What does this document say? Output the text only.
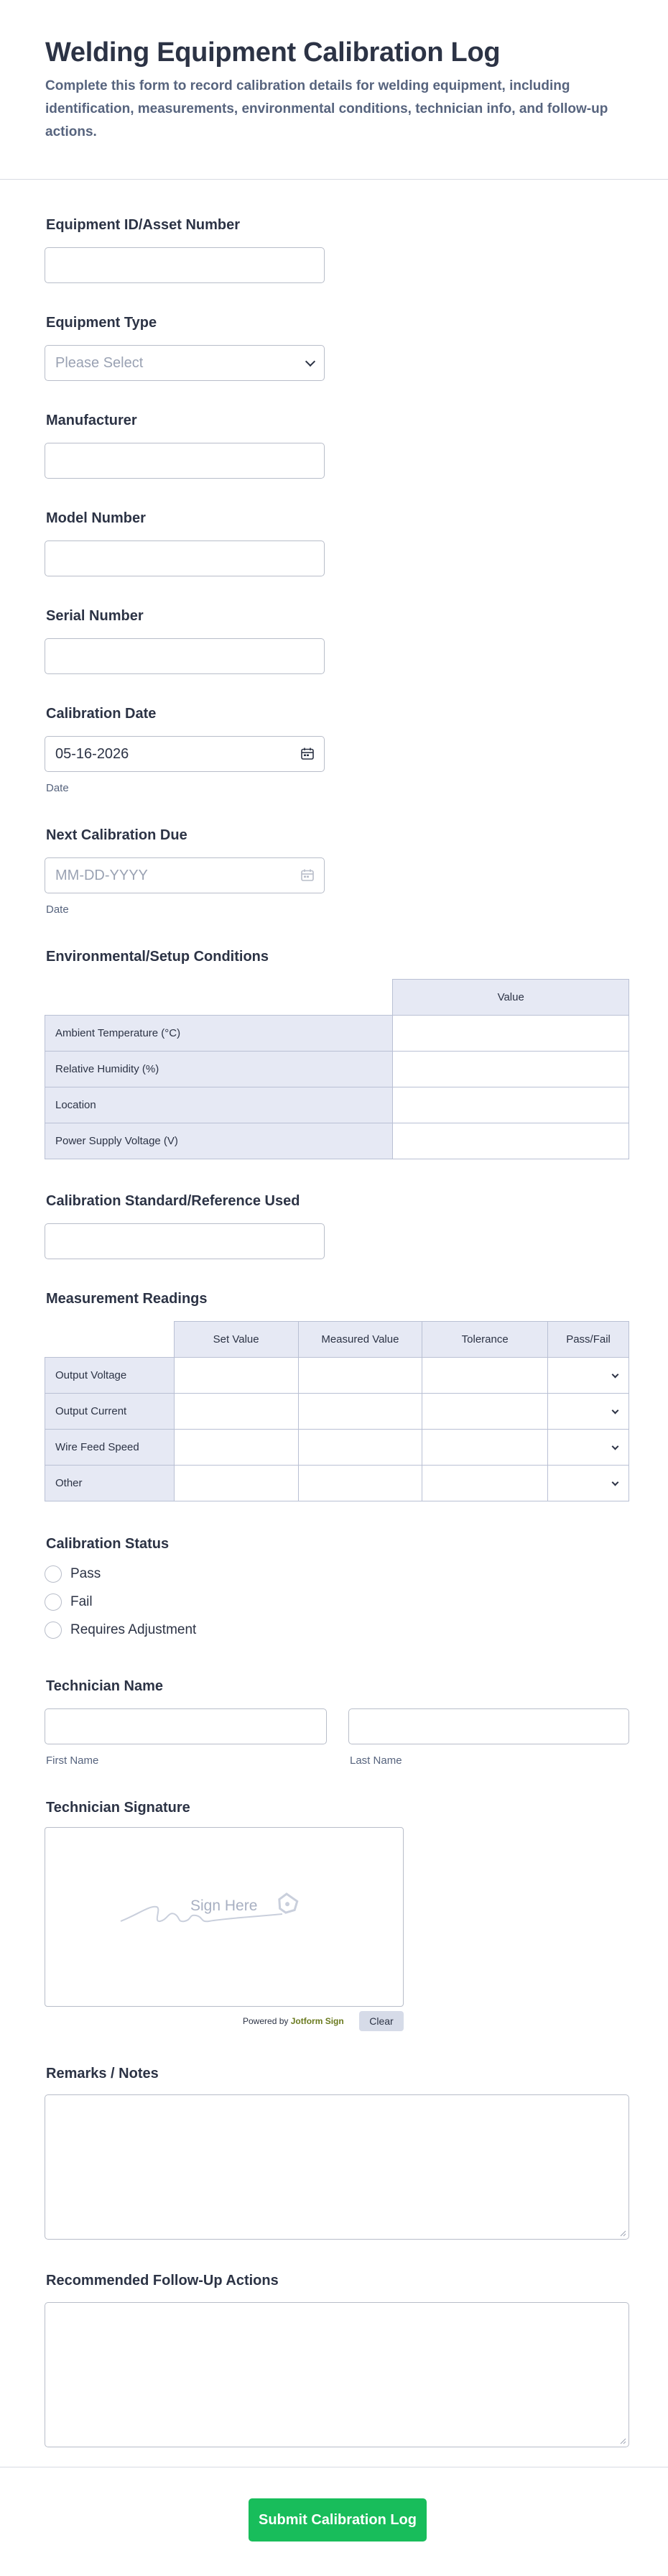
Welding Equipment Calibration Log
Complete this form to record calibration details for welding equipment, including identification, measurements, environmental conditions, technician info, and follow-up actions.
Equipment ID/Asset Number
Equipment Type
Please Select
Manufacturer
Model Number
Serial Number
Calibration Date
05-16-2026
Date
Next Calibration Due
MM-DD-YYYY
Date
Environmental/Setup Conditions
	Value
Ambient Temperature (°C)	
Relative Humidity (%)	
Location	
Power Supply Voltage (V)	
Calibration Standard/Reference Used
Measurement Readings
	Set Value	Measured Value	Tolerance	Pass/Fail
Output Voltage				

Output Current				

Wire Feed Speed				

Other				
Calibration Status
Pass
Fail
Requires Adjustment
Technician Name
First Name	Last Name
Technician Signature
Sign Here
Powered by Jotform Sign	Clear
Remarks / Notes
Recommended Follow-Up Actions
Submit Calibration Log
